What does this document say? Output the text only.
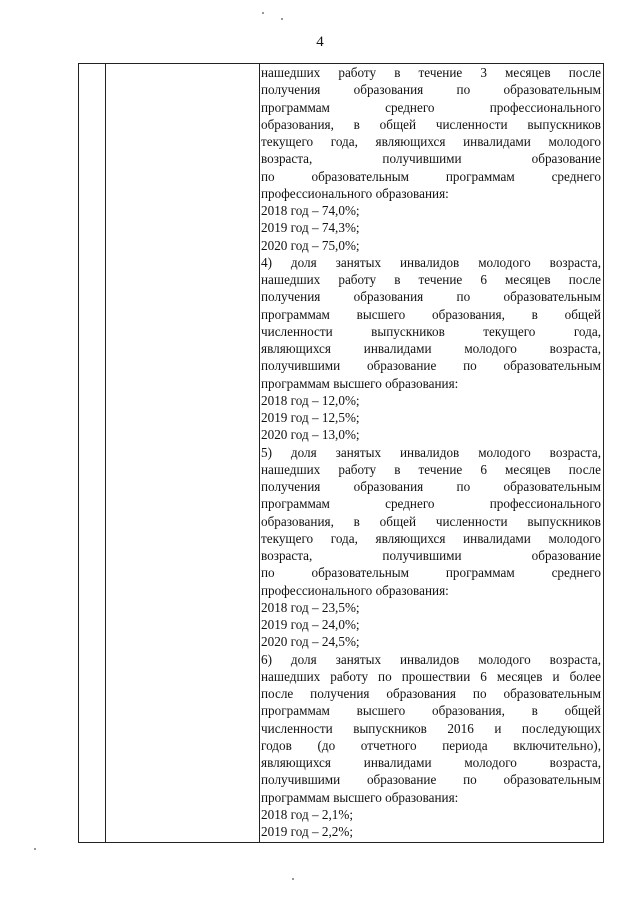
4
нашедших работу в течение 3 месяцев после
получения образования по образовательным
программам среднего профессионального
образования, в общей численности выпускников
текущего года, являющихся инвалидами молодого
возраста, получившими образование
по образовательным программам среднего
профессионального образования:
2018 год – 74,0%;
2019 год – 74,3%;
2020 год – 75,0%;
4) доля занятых инвалидов молодого возраста,
нашедших работу в течение 6 месяцев после
получения образования по образовательным
программам высшего образования, в общей
численности выпускников текущего года,
являющихся инвалидами молодого возраста,
получившими образование по образовательным
программам высшего образования:
2018 год – 12,0%;
2019 год – 12,5%;
2020 год – 13,0%;
5) доля занятых инвалидов молодого возраста,
нашедших работу в течение 6 месяцев после
получения образования по образовательным
программам среднего профессионального
образования, в общей численности выпускников
текущего года, являющихся инвалидами молодого
возраста, получившими образование
по образовательным программам среднего
профессионального образования:
2018 год – 23,5%;
2019 год – 24,0%;
2020 год – 24,5%;
6) доля занятых инвалидов молодого возраста,
нашедших работу по прошествии 6 месяцев и более
после получения образования по образовательным
программам высшего образования, в общей
численности выпускников 2016 и последующих
годов (до отчетного периода включительно),
являющихся инвалидами молодого возраста,
получившими образование по образовательным
программам высшего образования:
2018 год – 2,1%;
2019 год – 2,2%;
